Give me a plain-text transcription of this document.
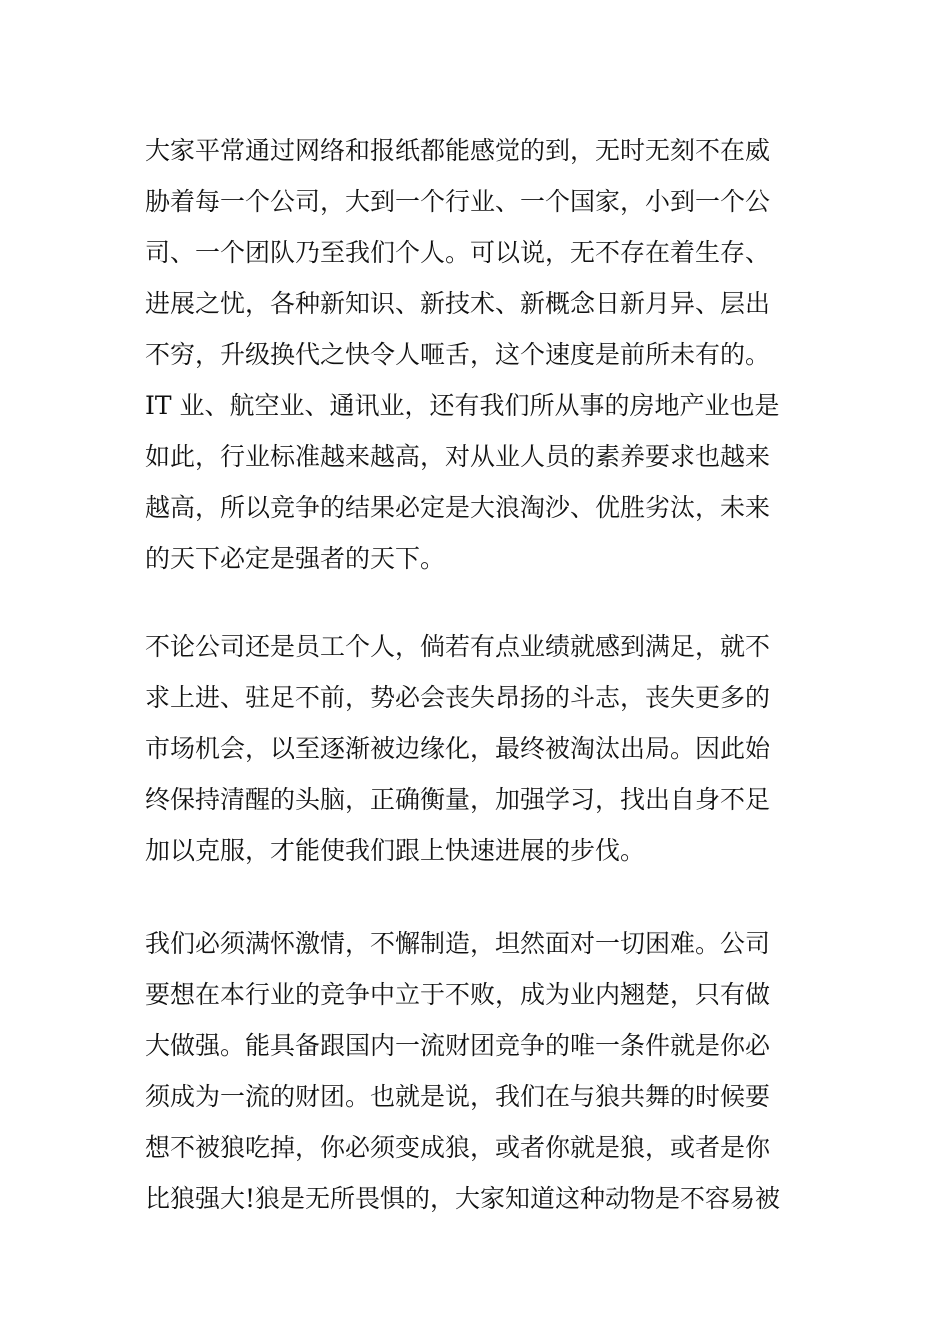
大家平常通过网络和报纸都能感觉的到，无时无刻不在威
胁着每一个公司，大到一个行业、一个国家，小到一个公
司、一个团队乃至我们个人。可以说，无不存在着生存、
进展之忧，各种新知识、新技术、新概念日新月异、层出
不穷，升级换代之快令人咂舌，这个速度是前所未有的。
IT 业、航空业、通讯业，还有我们所从事的房地产业也是
如此，行业标准越来越高，对从业人员的素养要求也越来
越高，所以竞争的结果必定是大浪淘沙、优胜劣汰，未来
的天下必定是强者的天下。
不论公司还是员工个人，倘若有点业绩就感到满足，就不
求上进、驻足不前，势必会丧失昂扬的斗志，丧失更多的
市场机会，以至逐渐被边缘化，最终被淘汰出局。因此始
终保持清醒的头脑，正确衡量，加强学习，找出自身不足
加以克服，才能使我们跟上快速进展的步伐。
我们必须满怀激情，不懈制造，坦然面对一切困难。公司
要想在本行业的竞争中立于不败，成为业内翘楚，只有做
大做强。能具备跟国内一流财团竞争的唯一条件就是你必
须成为一流的财团。也就是说，我们在与狼共舞的时候要
想不被狼吃掉，你必须变成狼，或者你就是狼，或者是你
比狼强大!狼是无所畏惧的，大家知道这种动物是不容易被
